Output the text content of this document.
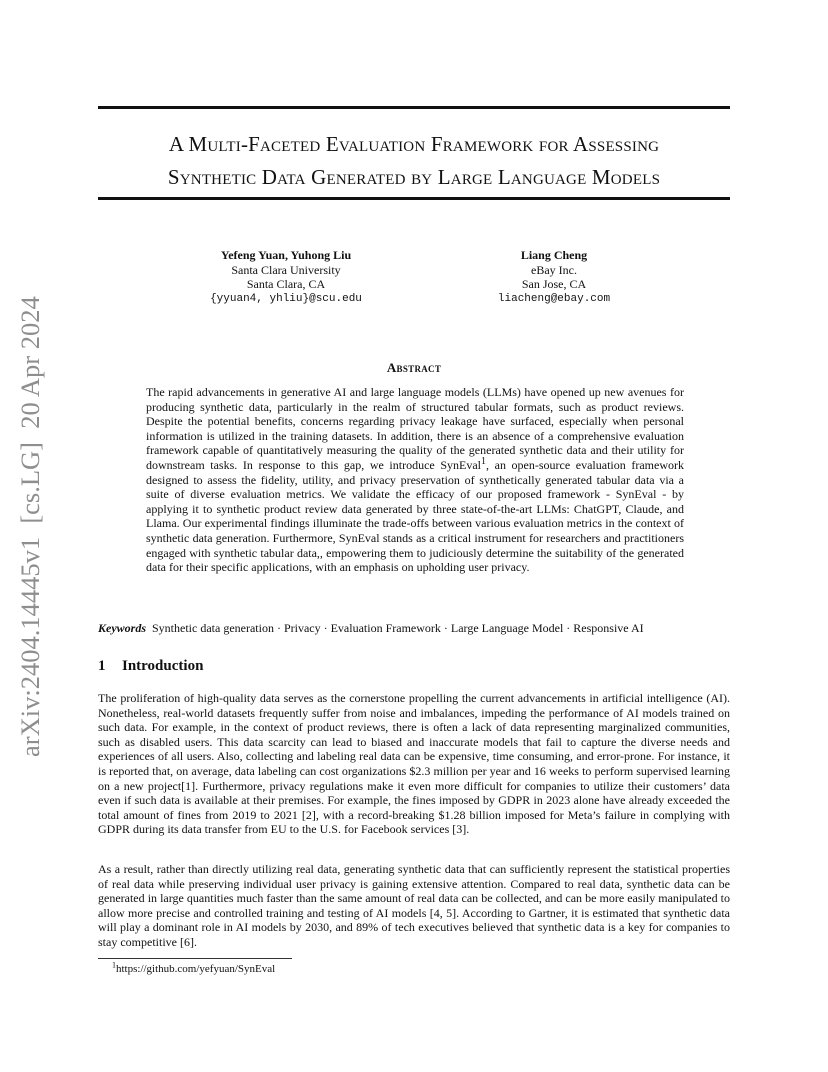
arXiv:2404.14445v1  [cs.LG]  20 Apr 2024
A Multi-Faceted Evaluation Framework for Assessing
Synthetic Data Generated by Large Language Models
Yefeng Yuan, Yuhong Liu
Santa Clara University
Santa Clara, CA
{yyuan4, yhliu}@scu.edu
Liang Cheng
eBay Inc.
San Jose, CA
liacheng@ebay.com
Abstract

The rapid advancements in generative AI and large language models (LLMs) have opened up new avenues for producing synthetic data, particularly in the realm of structured tabular formats, such as product reviews. Despite the potential benefits, concerns regarding privacy leakage have surfaced, especially when personal information is utilized in the training datasets. In addition, there is an absence of a comprehensive evaluation framework capable of quantitatively measuring the quality of the generated synthetic data and their utility for downstream tasks. In response to this gap, we introduce SynEval$^1$, an open-source evaluation framework designed to assess the fidelity, utility, and privacy preservation of synthetically generated tabular data via a suite of diverse evaluation metrics. We validate the efficacy of our proposed framework - SynEval - by applying it to synthetic product review data generated by three state-of-the-art LLMs: ChatGPT, Claude, and Llama. Our experimental findings illuminate the trade-offs between various evaluation metrics in the context of synthetic data generation. Furthermore, SynEval stands as a critical instrument for researchers and practitioners engaged with synthetic tabular data,, empowering them to judiciously determine the suitability of the generated data for their specific applications, with an emphasis on upholding user privacy.

Keywords Synthetic data generation · Privacy · Evaluation Framework · Large Language Model · Responsive AI
1 Introduction

The proliferation of high-quality data serves as the cornerstone propelling the current advancements in artificial intelligence (AI). Nonetheless, real-world datasets frequently suffer from noise and imbalances, impeding the performance of AI models trained on such data. For example, in the context of product reviews, there is often a lack of data representing marginalized communities, such as disabled users. This data scarcity can lead to biased and inaccurate models that fail to capture the diverse needs and experiences of all users. Also, collecting and labeling real data can be expensive, time consuming, and error-prone. For instance, it is reported that, on average, data labeling can cost organizations $2.3 million per year and 16 weeks to perform supervised learning on a new project[1]. Furthermore, privacy regulations make it even more difficult for companies to utilize their customers’ data even if such data is available at their premises. For example, the fines imposed by GDPR in 2023 alone have already exceeded the total amount of fines from 2019 to 2021 [2], with a record-breaking $1.28 billion imposed for Meta’s failure in complying with GDPR during its data transfer from EU to the U.S. for Facebook services [3].

As a result, rather than directly utilizing real data, generating synthetic data that can sufficiently represent the statistical properties of real data while preserving individual user privacy is gaining extensive attention. Compared to real data, synthetic data can be generated in large quantities much faster than the same amount of real data can be collected, and can be more easily manipulated to allow more precise and controlled training and testing of AI models [4, 5]. According to Gartner, it is estimated that synthetic data will play a dominant role in AI models by 2030, and 89% of tech executives believed that synthetic data is a key for companies to stay competitive [6].

$^1$https://github.com/yefyuan/SynEval
